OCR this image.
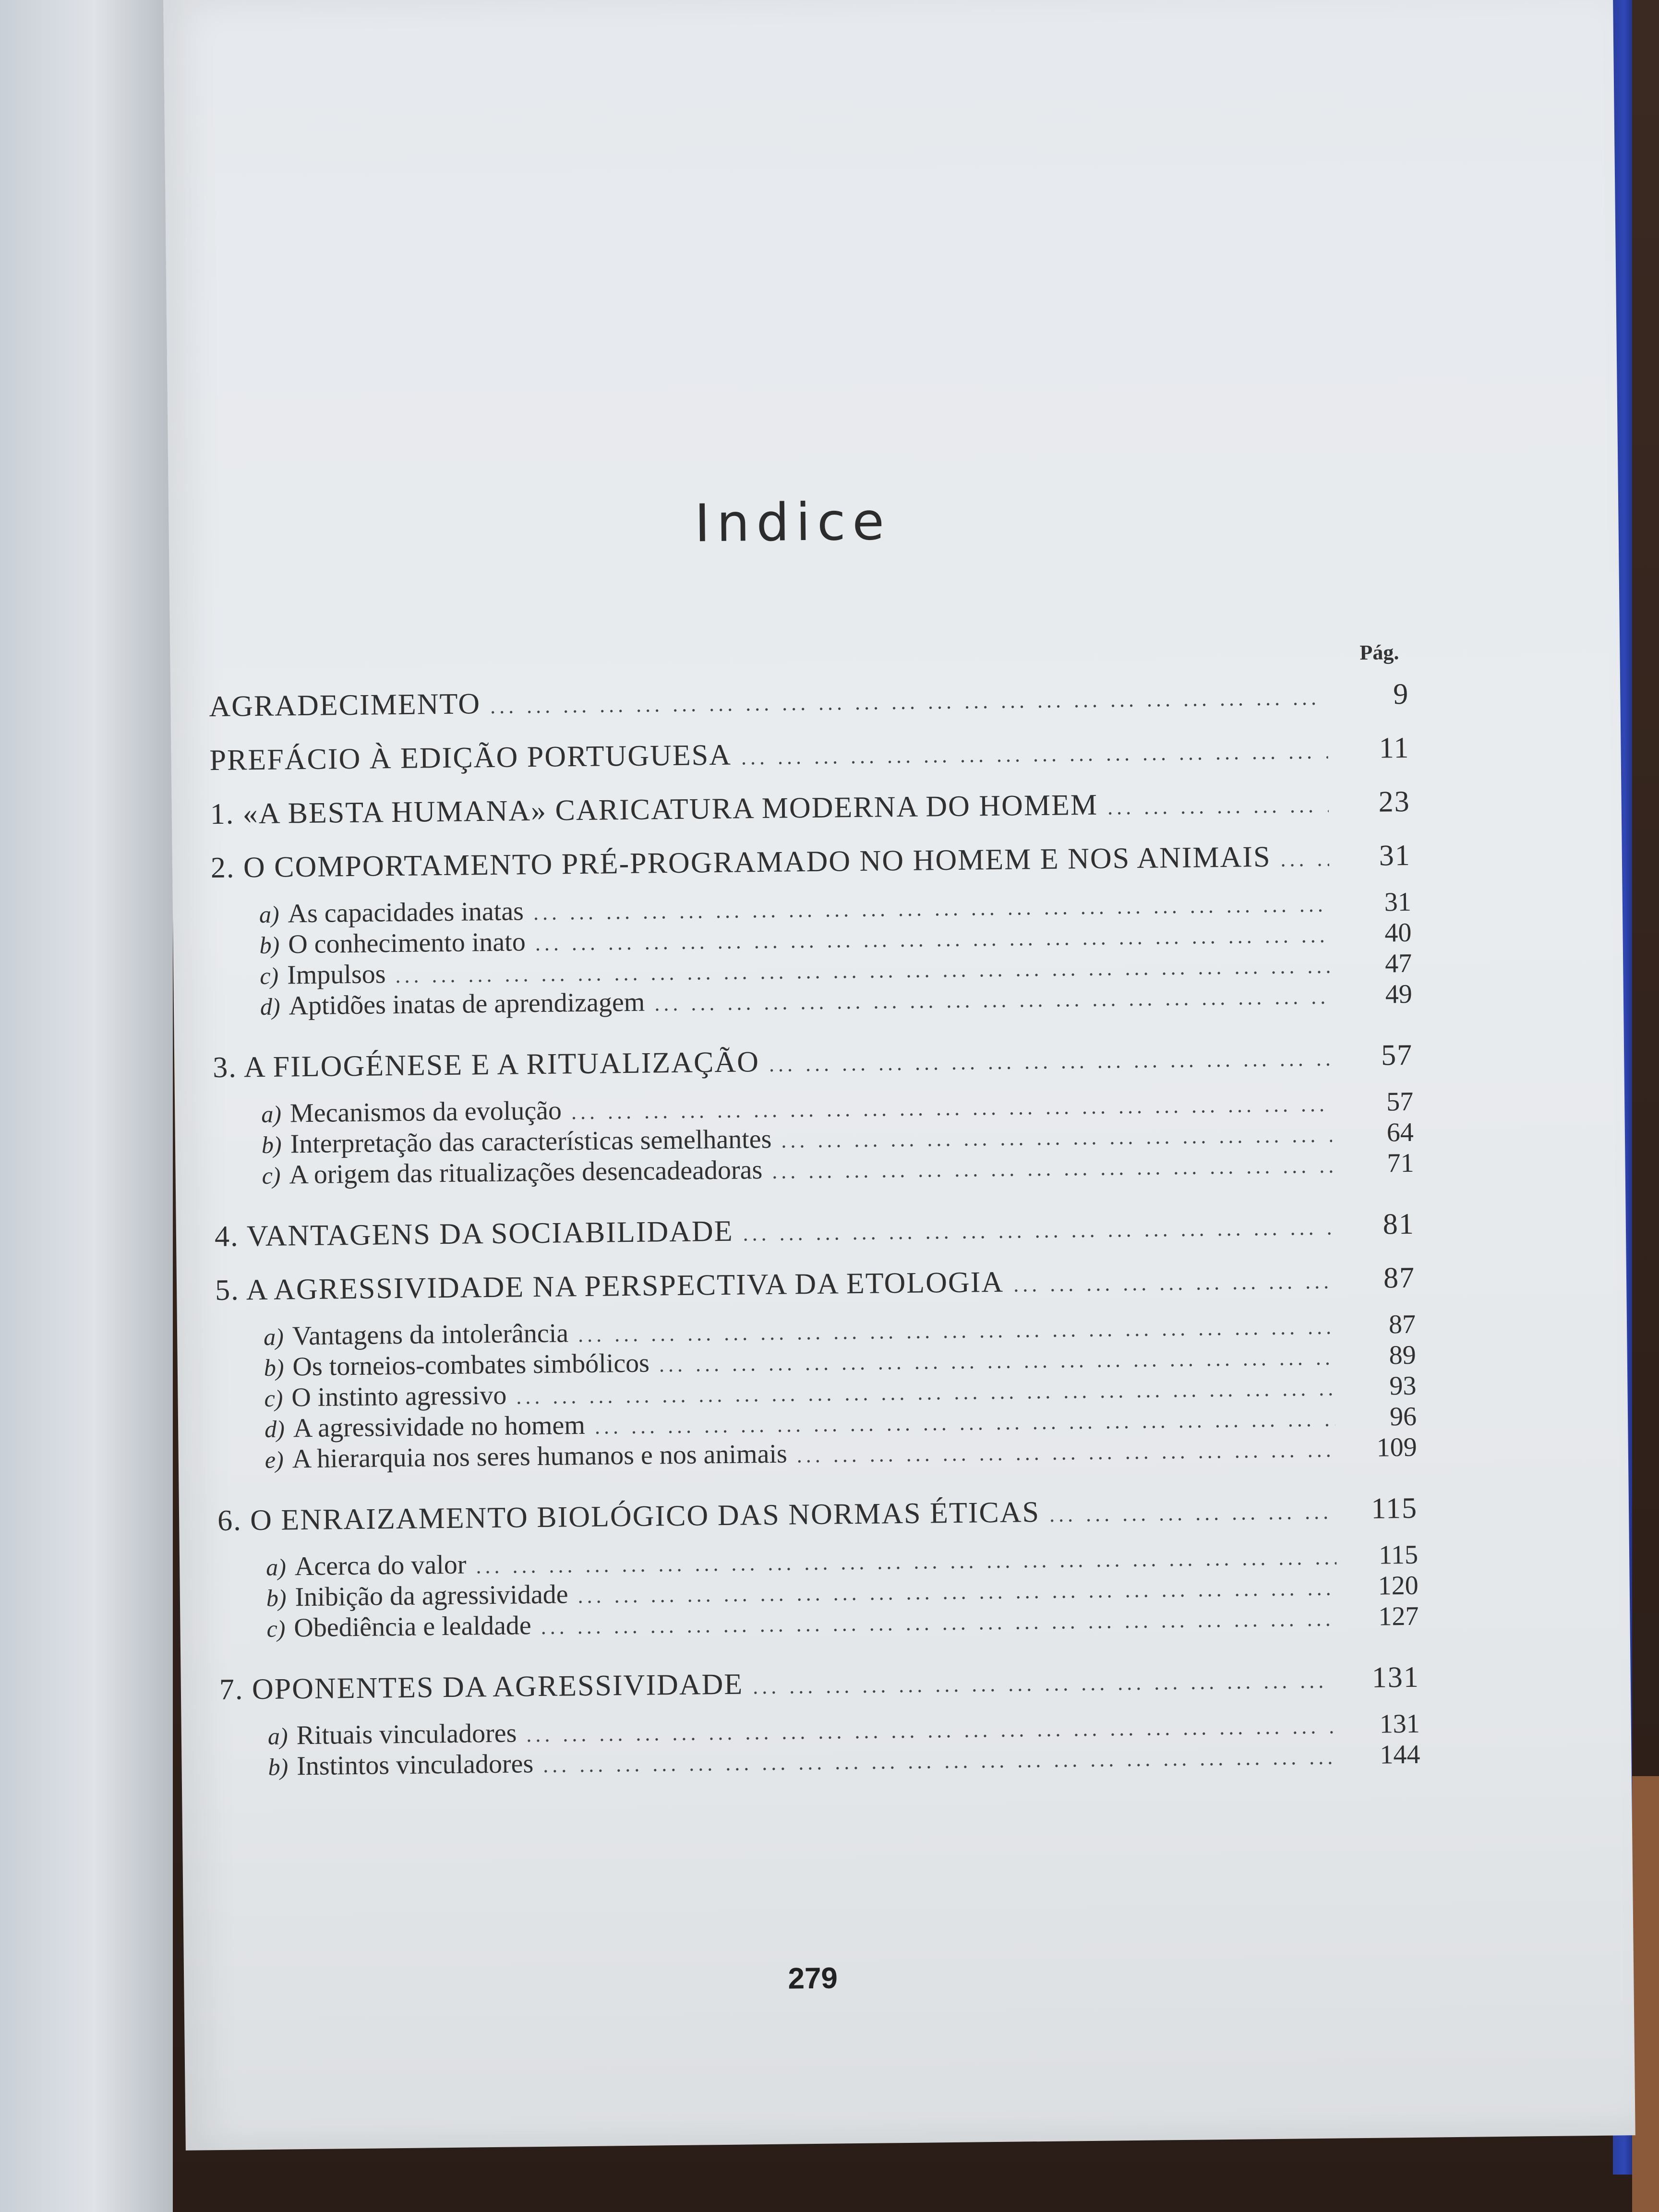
Indice
Pág.
AGRADECIMENTO ... .	9
PREFÁCIO À EDIÇÃO PORTUGUESA ... .	11
1. «A BESTA HUMANA» CARICATURA MODERNA DO HOMEM ... .	23
2. O COMPORTAMENTO PRÉ-PROGRAMADO NO HOMEM E NOS ANIMAIS ... .	31
a) As capacidades inatas ... .	31
b) O conhecimento inato ... .	40
c) Impulsos ... .	47
d) Aptidões inatas de aprendizagem ... .	49
3. A FILOGÉNESE E A RITUALIZAÇÃO ... .	57
a) Mecanismos da evolução ... .	57
b) Interpretação das características semelhantes ... .	64
c) A origem das ritualizações desencadeadoras ... .	71
4. VANTAGENS DA SOCIABILIDADE ... .	81
5. A AGRESSIVIDADE NA PERSPECTIVA DA ETOLOGIA ... .	87
a) Vantagens da intolerância ... .	87
b) Os torneios-combates simbólicos ... .	89
c) O instinto agressivo ... .	93
d) A agressividade no homem ... .	96
e) A hierarquia nos seres humanos e nos animais ... .	109
6. O ENRAIZAMENTO BIOLÓGICO DAS NORMAS ÉTICAS ... .	115
a) Acerca do valor ... .	115
b) Inibição da agressividade ... .	120
c) Obediência e lealdade ... .	127
7. OPONENTES DA AGRESSIVIDADE ... .	131
a) Rituais vinculadores ... .	131
b) Instintos vinculadores ... .	144
279
